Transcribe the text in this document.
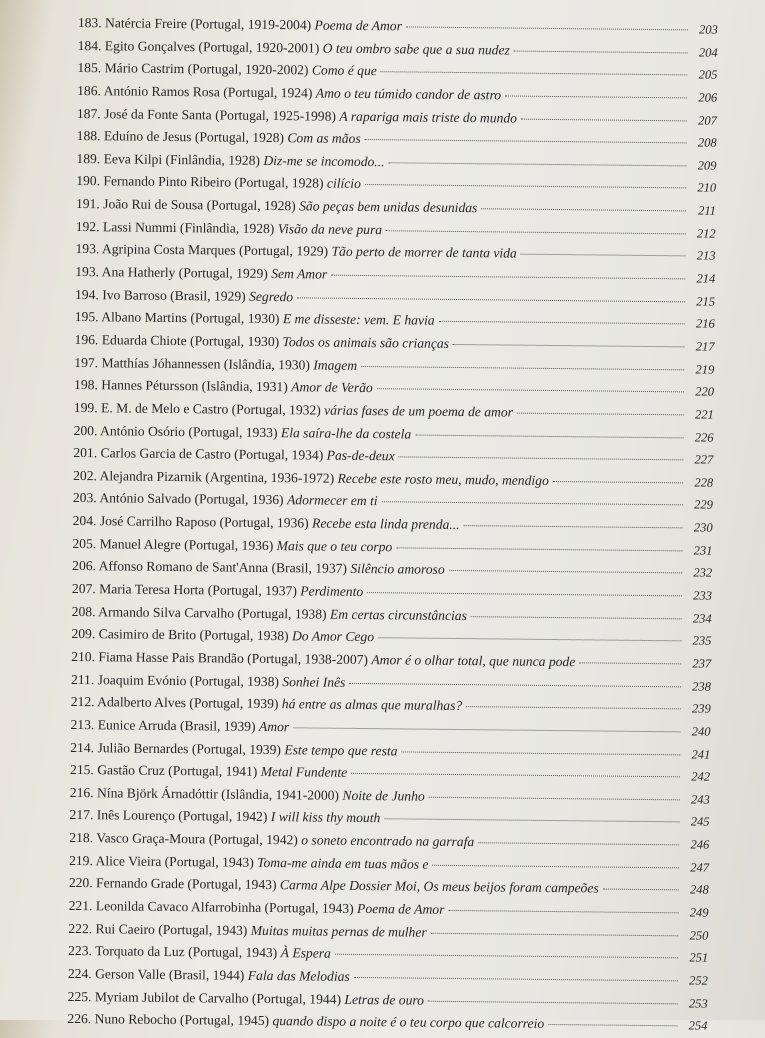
183. Natércia Freire (Portugal, 1919-2004) Poema de Amor	203
184. Egito Gonçalves (Portugal, 1920-2001) O teu ombro sabe que a sua nudez	204
185. Mário Castrim (Portugal, 1920-2002) Como é que	205
186. António Ramos Rosa (Portugal, 1924) Amo o teu túmido candor de astro	206
187. José da Fonte Santa (Portugal, 1925-1998) A rapariga mais triste do mundo	207
188. Eduíno de Jesus (Portugal, 1928) Com as mãos	208
189. Eeva Kilpi (Finlândia, 1928) Diz-me se incomodo...	209
190. Fernando Pinto Ribeiro (Portugal, 1928) cilício	210
191. João Rui de Sousa (Portugal, 1928) São peças bem unidas desunidas	211
192. Lassi Nummi (Finlândia, 1928) Visão da neve pura	212
193. Agripina Costa Marques (Portugal, 1929) Tão perto de morrer de tanta vida	213
193. Ana Hatherly (Portugal, 1929) Sem Amor	214
194. Ivo Barroso (Brasil, 1929) Segredo	215
195. Albano Martins (Portugal, 1930) E me disseste: vem. E havia	216
196. Eduarda Chiote (Portugal, 1930) Todos os animais são crianças	217
197. Matthías Jóhannessen (Islândia, 1930) Imagem	219
198. Hannes Pétursson (Islândia, 1931) Amor de Verão	220
199. E. M. de Melo e Castro (Portugal, 1932) várias fases de um poema de amor	221
200. António Osório (Portugal, 1933) Ela saíra-lhe da costela	226
201. Carlos Garcia de Castro (Portugal, 1934) Pas-de-deux	227
202. Alejandra Pizarnik (Argentina, 1936-1972) Recebe este rosto meu, mudo, mendigo	228
203. António Salvado (Portugal, 1936) Adormecer em ti	229
204. José Carrilho Raposo (Portugal, 1936) Recebe esta linda prenda...	230
205. Manuel Alegre (Portugal, 1936) Mais que o teu corpo	231
206. Affonso Romano de Sant'Anna (Brasil, 1937) Silêncio amoroso	232
207. Maria Teresa Horta (Portugal, 1937) Perdimento	233
208. Armando Silva Carvalho (Portugal, 1938) Em certas circunstâncias	234
209. Casimiro de Brito (Portugal, 1938) Do Amor Cego	235
210. Fiama Hasse Pais Brandão (Portugal, 1938-2007) Amor é o olhar total, que nunca pode	237
211. Joaquim Evónio (Portugal, 1938) Sonhei Inês	238
212. Adalberto Alves (Portugal, 1939) há entre as almas que muralhas?	239
213. Eunice Arruda (Brasil, 1939) Amor	240
214. Julião Bernardes (Portugal, 1939) Este tempo que resta	241
215. Gastão Cruz (Portugal, 1941) Metal Fundente	242
216. Nína Björk Árnadóttir (Islândia, 1941-2000) Noite de Junho	243
217. Inês Lourenço (Portugal, 1942) I will kiss thy mouth	245
218. Vasco Graça-Moura (Portugal, 1942) o soneto encontrado na garrafa	246
219. Alice Vieira (Portugal, 1943) Toma-me ainda em tuas mãos e	247
220. Fernando Grade (Portugal, 1943) Carma Alpe Dossier Moi, Os meus beijos foram campeões	248
221. Leonilda Cavaco Alfarrobinha (Portugal, 1943) Poema de Amor	249
222. Rui Caeiro (Portugal, 1943) Muitas muitas pernas de mulher	250
223. Torquato da Luz (Portugal, 1943) À Espera	251
224. Gerson Valle (Brasil, 1944) Fala das Melodias	252
225. Myriam Jubilot de Carvalho (Portugal, 1944) Letras de ouro	253
226. Nuno Rebocho (Portugal, 1945) quando dispo a noite é o teu corpo que calcorreio	254
